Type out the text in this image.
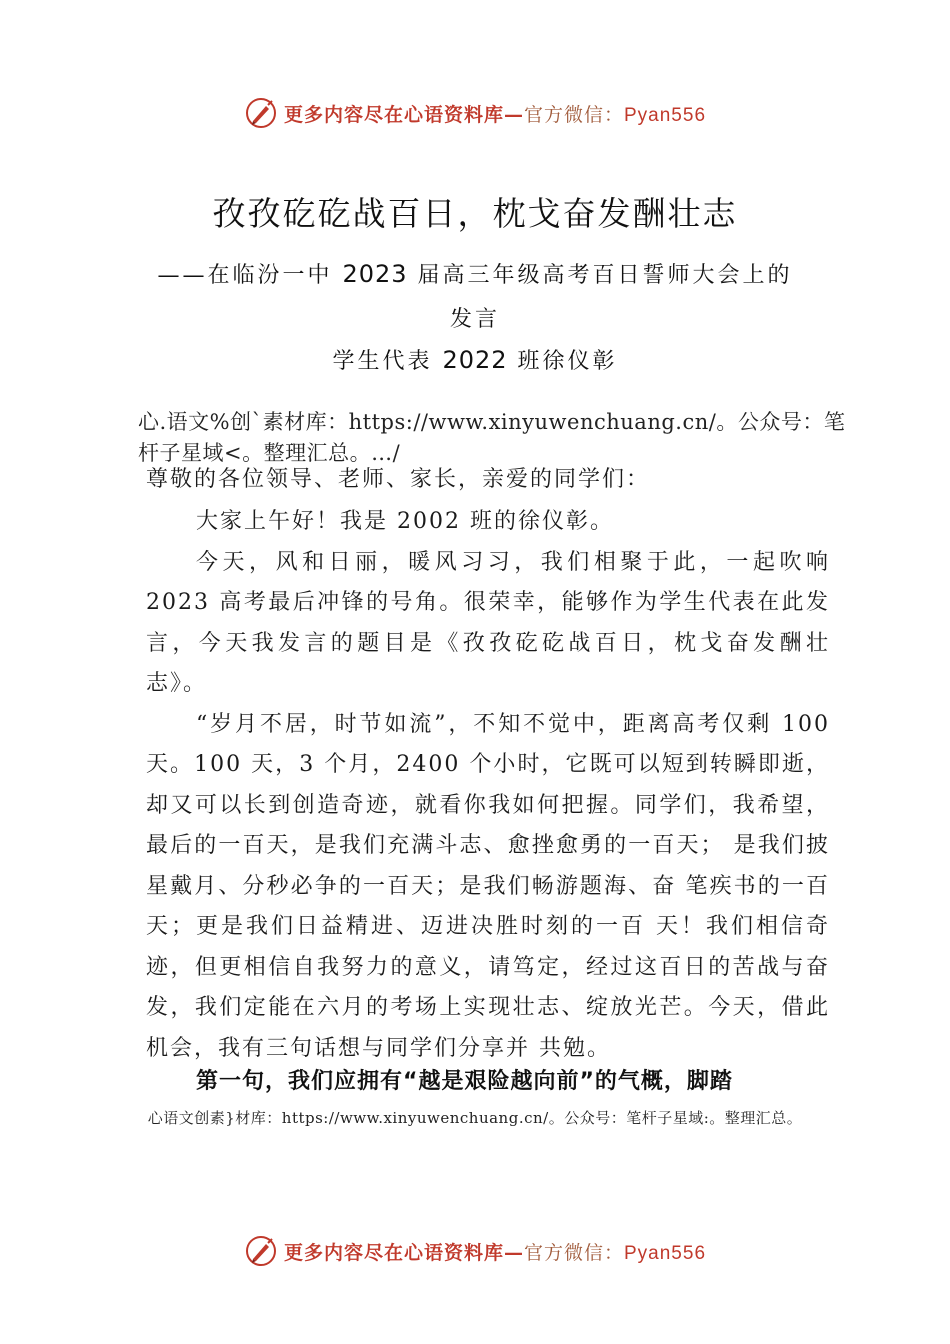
更多内容尽在心语资料库—官方微信：Pyan556
孜孜矻矻战百日，枕戈奋发酬壮志
——在临汾一中 2023 届高三年级高考百日誓师大会上的
发言
学生代表 2022 班徐仪彰
心.语文%创`素材库：https://www.xinyuwenchuang.cn/。公众号：笔杆子星域<。整理汇总。…/
尊敬的各位领导、老师、家长，亲爱的同学们：

大家上午好！我是 2002 班的徐仪彰。

今天，风和日丽，暖风习习，我们相聚于此，一起吹响 2023 高考最后冲锋的号角。很荣幸，能够作为学生代表在此发言，今天我发言的题目是《孜孜矻矻战百日，枕戈奋发酬壮志》。

“岁月不居，时节如流”，不知不觉中，距离高考仅剩 100 天。100 天，3 个月，2400 个小时，它既可以短到转瞬即逝，却又可以长到创造奇迹，就看你我如何把握。同学们，我希望，最后的一百天，是我们充满斗志、愈挫愈勇的一百天； 是我们披星戴月、分秒必争的一百天；是我们畅游题海、奋 笔疾书的一百天；更是我们日益精进、迈进决胜时刻的一百 天！我们相信奇迹，但更相信自我努力的意义，请笃定，经过这百日的苦战与奋发，我们定能在六月的考场上实现壮志、绽放光芒。今天，借此机会，我有三句话想与同学们分享并 共勉。

第一句，我们应拥有“越是艰险越向前”的气概，脚踏
心语文创素}材库：https://www.xinyuwenchuang.cn/。公众号：笔杆子星域:。整理汇总。
更多内容尽在心语资料库—官方微信：Pyan556
